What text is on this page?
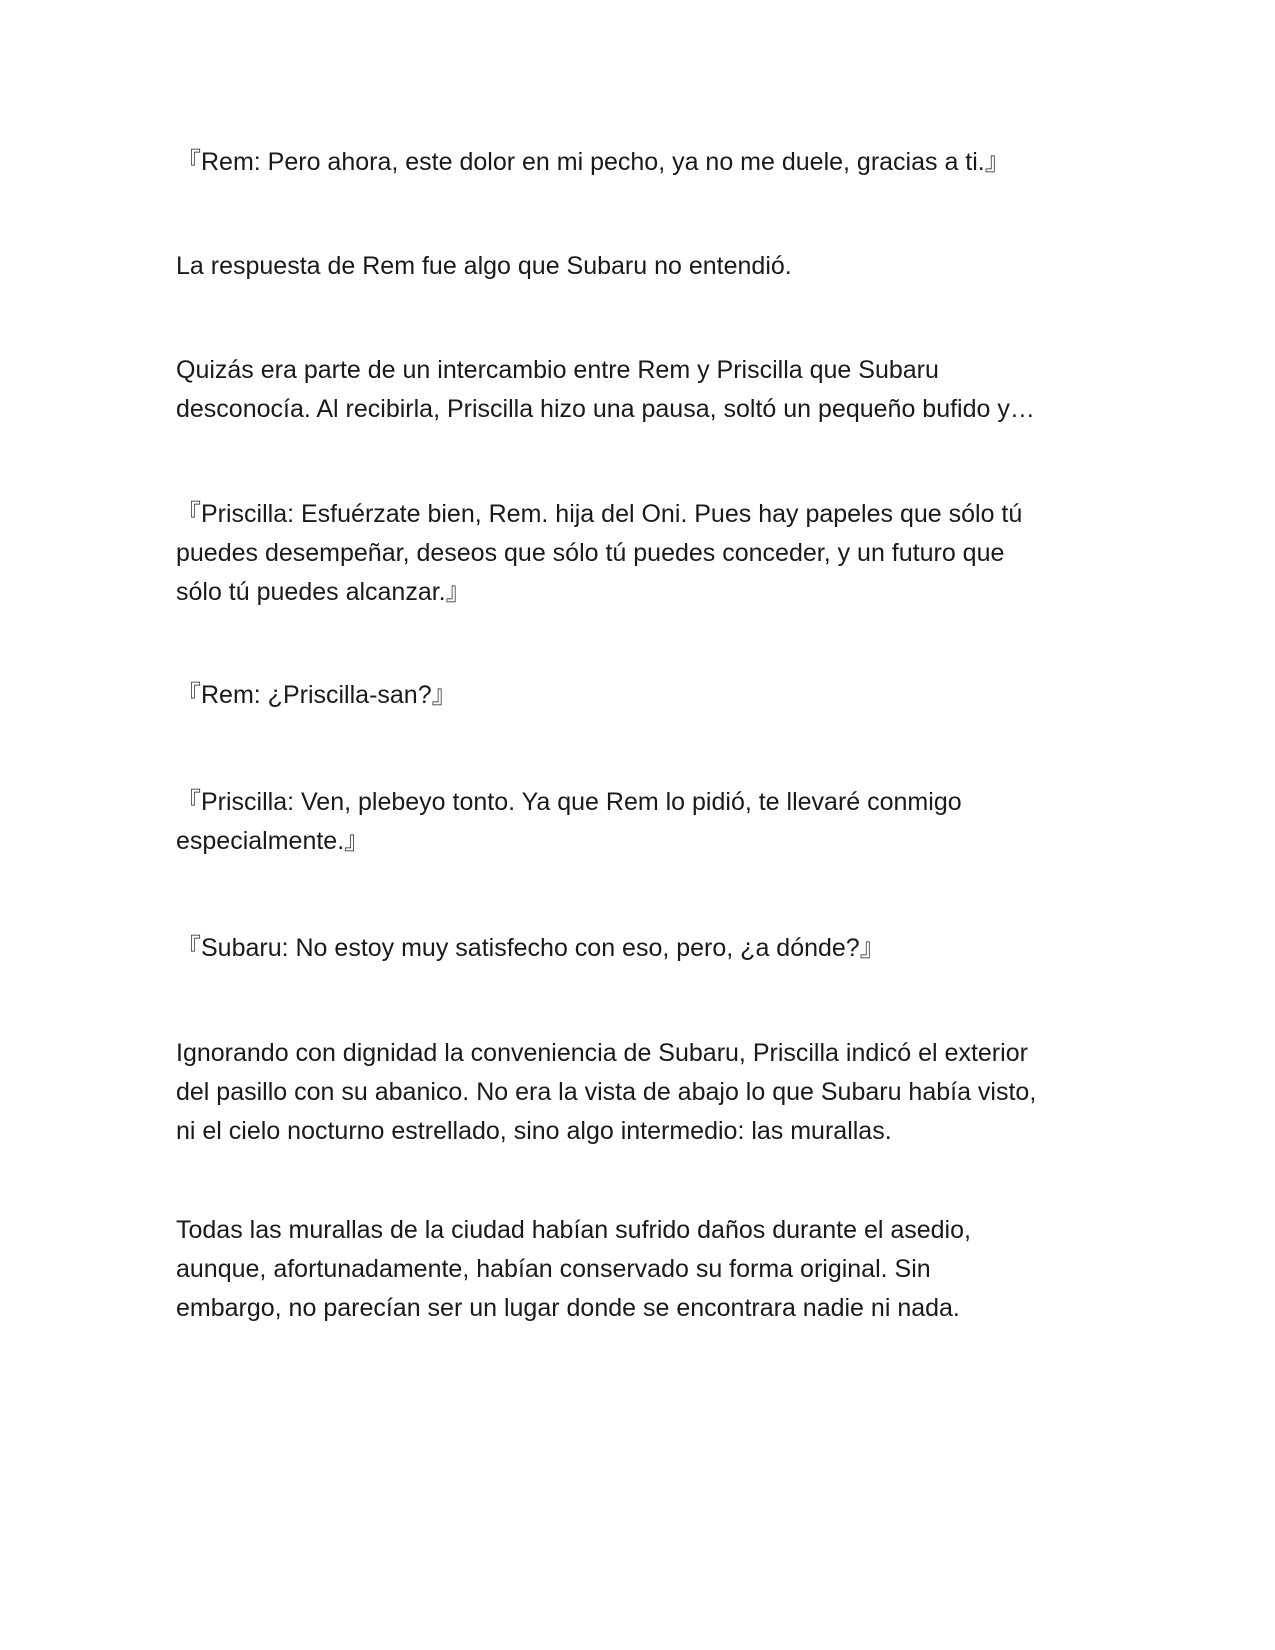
『Rem: Pero ahora, este dolor en mi pecho, ya no me duele, gracias a ti.』

La respuesta de Rem fue algo que Subaru no entendió.

Quizás era parte de un intercambio entre Rem y Priscilla que Subaru
desconocía. Al recibirla, Priscilla hizo una pausa, soltó un pequeño bufido y…

『Priscilla: Esfuérzate bien, Rem. hija del Oni. Pues hay papeles que sólo tú
puedes desempeñar, deseos que sólo tú puedes conceder, y un futuro que
sólo tú puedes alcanzar.』

『Rem: ¿Priscilla-san?』

『Priscilla: Ven, plebeyo tonto. Ya que Rem lo pidió, te llevaré conmigo
especialmente.』

『Subaru: No estoy muy satisfecho con eso, pero, ¿a dónde?』

Ignorando con dignidad la conveniencia de Subaru, Priscilla indicó el exterior
del pasillo con su abanico. No era la vista de abajo lo que Subaru había visto,
ni el cielo nocturno estrellado, sino algo intermedio: las murallas.

Todas las murallas de la ciudad habían sufrido daños durante el asedio,
aunque, afortunadamente, habían conservado su forma original. Sin
embargo, no parecían ser un lugar donde se encontrara nadie ni nada.
